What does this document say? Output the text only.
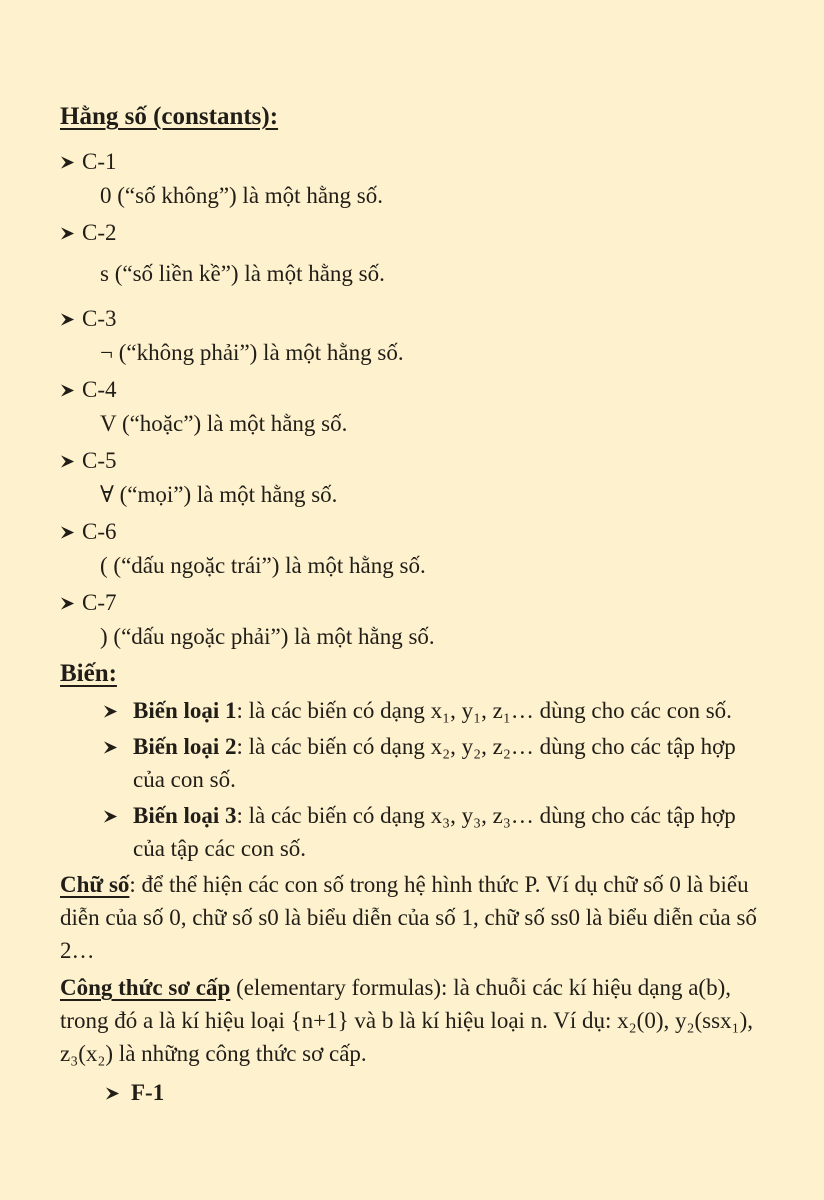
Hằng số (constants):
C-1
0 (“số không”) là một hằng số.
C-2
s (“số liền kề”) là một hằng số.
C-3
¬ (“không phải”) là một hằng số.
C-4
V (“hoặc”) là một hằng số.
C-5
∀ (“mọi”) là một hằng số.
C-6
( (“dấu ngoặc trái”) là một hằng số.
C-7
) (“dấu ngoặc phải”) là một hằng số.
Biến:
Biến loại 1: là các biến có dạng x₁, y₁, z₁… dùng cho các con số.
Biến loại 2: là các biến có dạng x₂, y₂, z₂… dùng cho các tập hợp của con số.
Biến loại 3: là các biến có dạng x₃, y₃, z₃… dùng cho các tập hợp của tập các con số.

Chữ số: để thể hiện các con số trong hệ hình thức P. Ví dụ chữ số 0 là biểu diễn của số 0, chữ số s0 là biểu diễn của số 1, chữ số ss0 là biểu diễn của số 2…

Công thức sơ cấp (elementary formulas): là chuỗi các kí hiệu dạng a(b), trong đó a là kí hiệu loại {n+1} và b là kí hiệu loại n. Ví dụ: x₂(0), y₂(ssx₁), z₃(x₂) là những công thức sơ cấp.

F-1
